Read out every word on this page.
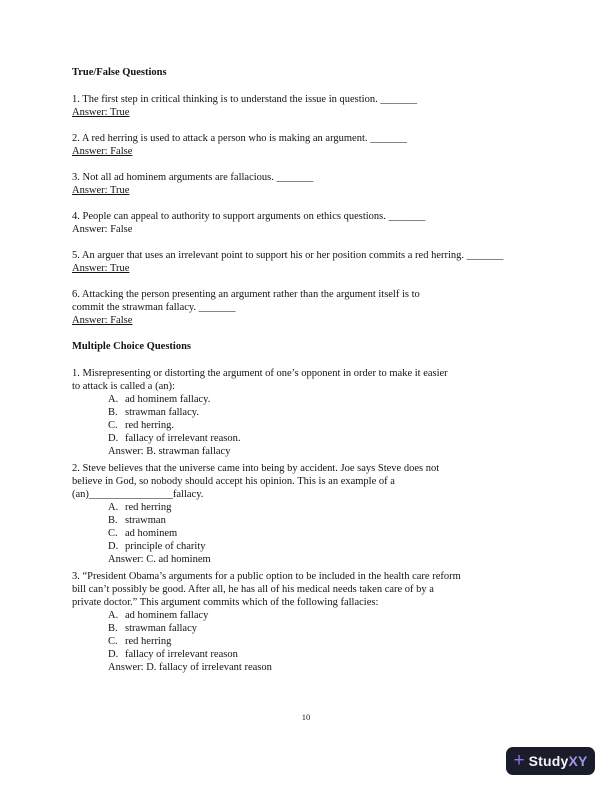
True/False Questions
1. The first step in critical thinking is to understand the issue in question. _______
Answer: True
2. A red herring is used to attack a person who is making an argument. _______
Answer: False
3. Not all ad hominem arguments are fallacious. _______
Answer: True
4. People can appeal to authority to support arguments on ethics questions. _______
Answer: False
5. An arguer that uses an irrelevant point to support his or her position commits a red herring. _______
Answer: True
6. Attacking the person presenting an argument rather than the argument itself is to
commit the strawman fallacy. _______
Answer: False
Multiple Choice Questions
1. Misrepresenting or distorting the argument of one’s opponent in order to make it easier
to attack is called a (an):
A. ad hominem fallacy.
B. strawman fallacy.
C. red herring.
D. fallacy of irrelevant reason.
Answer: B. strawman fallacy
2. Steve believes that the universe came into being by accident. Joe says Steve does not
believe in God, so nobody should accept his opinion. This is an example of a
(an)________________fallacy.
A. red herring
B. strawman
C. ad hominem
D. principle of charity
Answer: C. ad hominem
3. “President Obama’s arguments for a public option to be included in the health care reform
bill can’t possibly be good. After all, he has all of his medical needs taken care of by a
private doctor.” This argument commits which of the following fallacies:
A. ad hominem fallacy
B. strawman fallacy
C. red herring
D. fallacy of irrelevant reason
Answer: D. fallacy of irrelevant reason
10
+ StudyXY
